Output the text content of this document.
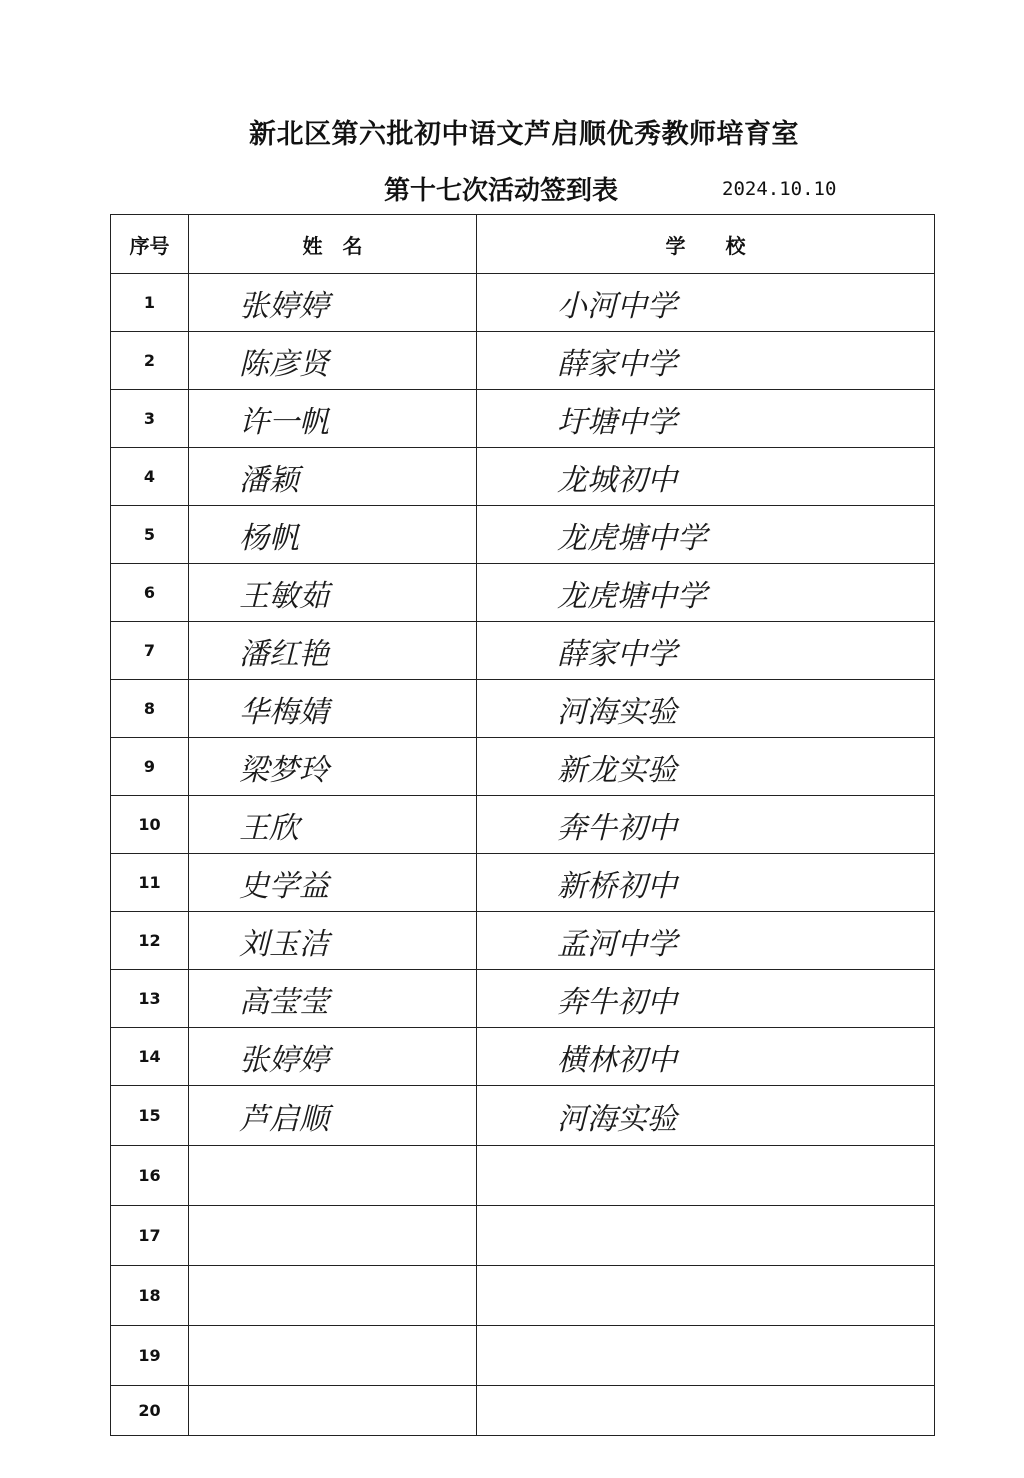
新北区第六批初中语文芦启顺优秀教师培育室
第十七次活动签到表	2024.10.10
序号	姓　名	学　　校
1	张婷婷	小河中学
2	陈彦贤	薛家中学
3	许一帆	圩塘中学
4	潘颖	龙城初中
5	杨帆	龙虎塘中学
6	王敏茹	龙虎塘中学
7	潘红艳	薛家中学
8	华梅婧	河海实验
9	梁梦玲	新龙实验
10	王欣	奔牛初中
11	史学益	新桥初中
12	刘玉洁	孟河中学
13	高莹莹	奔牛初中
14	张婷婷	横林初中
15	芦启顺	河海实验
16		
17		
18		
19		
20		
